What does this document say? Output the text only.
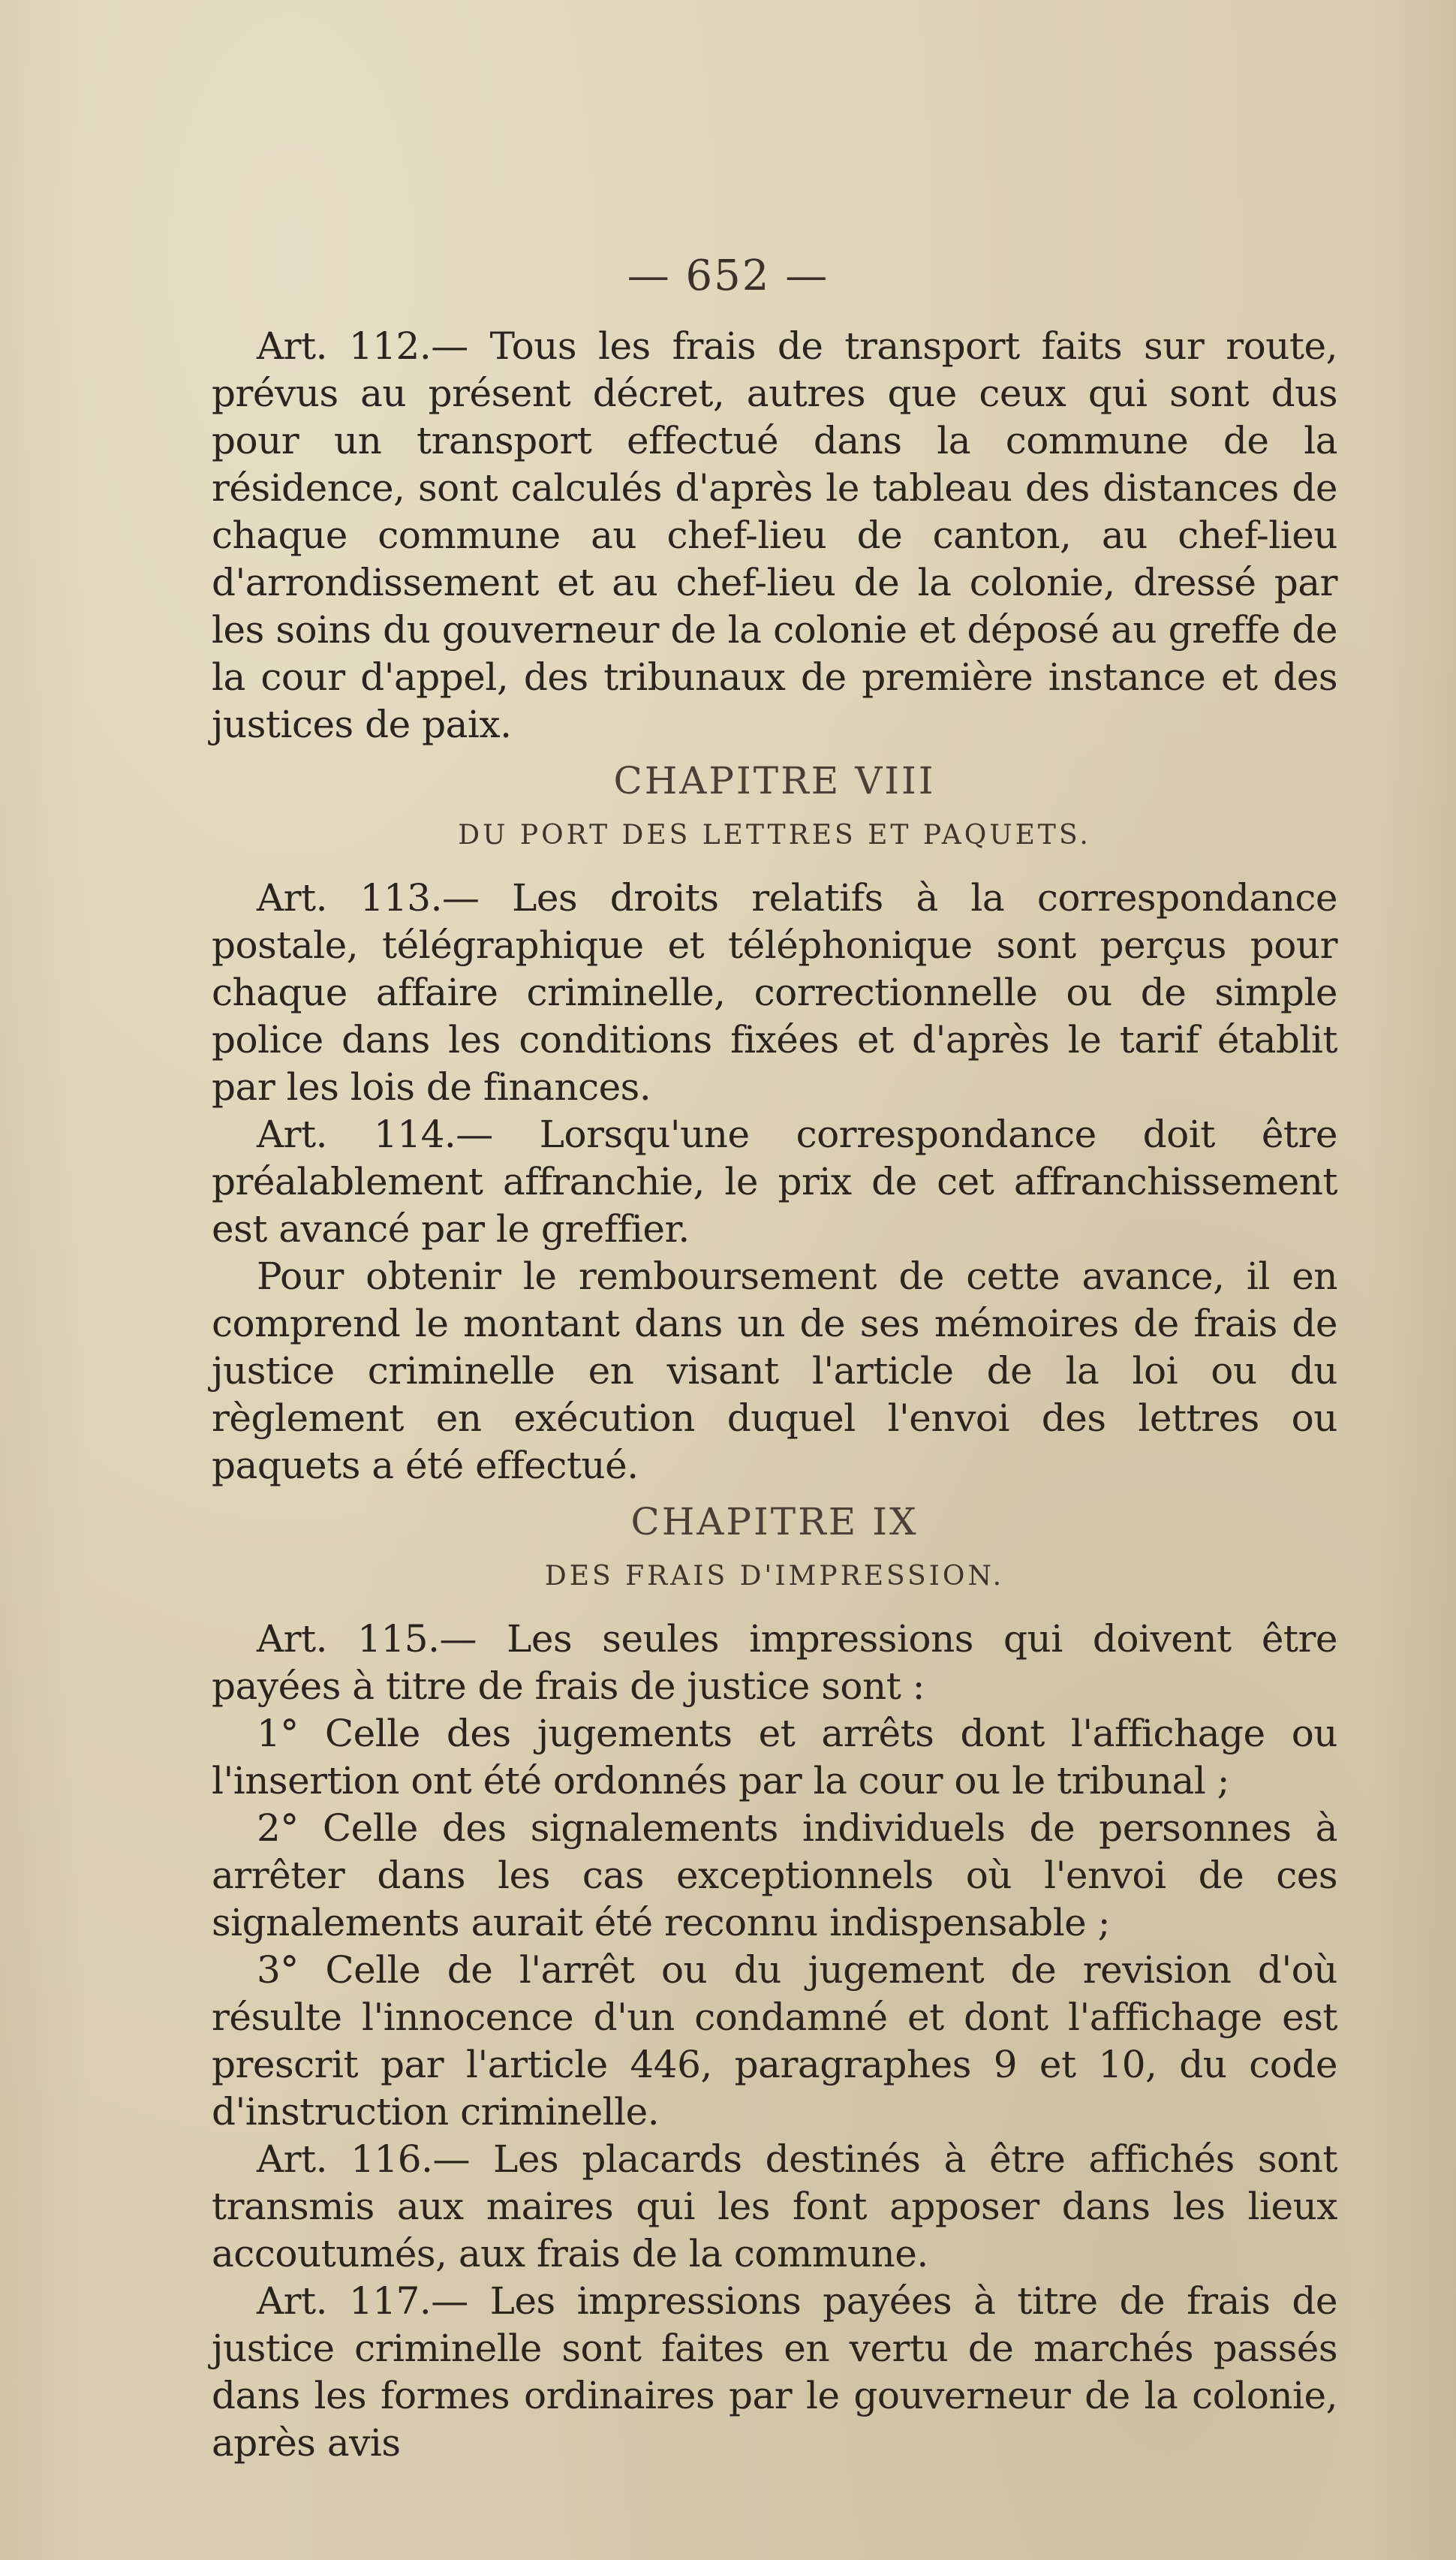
— 652 —

Art. 112.— Tous les frais de transport faits sur route, prévus au présent décret, autres que ceux qui sont dus pour un transport effectué dans la commune de la résidence, sont calculés d'après le tableau des distances de chaque commune au chef-lieu de canton, au chef-lieu d'arrondissement et au chef-lieu de la colonie, dressé par les soins du gouverneur de la colonie et déposé au greffe de la cour d'appel, des tribunaux de première instance et des justices de paix.

CHAPITRE VIII
DU PORT DES LETTRES ET PAQUETS.

Art. 113.— Les droits relatifs à la correspondance postale, télégraphique et téléphonique sont perçus pour chaque affaire criminelle, correctionnelle ou de simple police dans les conditions fixées et d'après le tarif établit par les lois de finances.

Art. 114.— Lorsqu'une correspondance doit être préalablement affranchie, le prix de cet affranchissement est avancé par le greffier.

Pour obtenir le remboursement de cette avance, il en comprend le montant dans un de ses mémoires de frais de justice criminelle en visant l'article de la loi ou du règlement en exécution duquel l'envoi des lettres ou paquets a été effectué.

CHAPITRE IX
DES FRAIS D'IMPRESSION.

Art. 115.— Les seules impressions qui doivent être payées à titre de frais de justice sont :

1° Celle des jugements et arrêts dont l'affichage ou l'insertion ont été ordonnés par la cour ou le tribunal ;

2° Celle des signalements individuels de personnes à arrêter dans les cas exceptionnels où l'envoi de ces signalements aurait été reconnu indispensable ;

3° Celle de l'arrêt ou du jugement de revision d'où résulte l'innocence d'un condamné et dont l'affichage est prescrit par l'article 446, paragraphes 9 et 10, du code d'instruction criminelle.

Art. 116.— Les placards destinés à être affichés sont transmis aux maires qui les font apposer dans les lieux accoutumés, aux frais de la commune.

Art. 117.— Les impressions payées à titre de frais de justice criminelle sont faites en vertu de marchés passés dans les formes ordinaires par le gouverneur de la colonie, après avis
